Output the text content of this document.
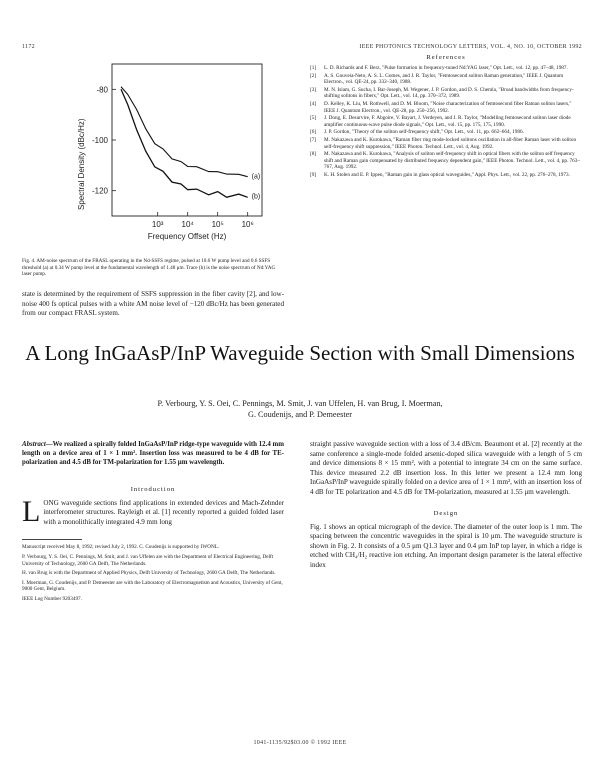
1172	IEEE PHOTONICS TECHNOLOGY LETTERS, VOL. 4, NO. 10, OCTOBER 1992
-80
-100
-120
10³ 10⁴ 10⁵ 10⁶
(a)
(b)
Spectral Density (dBc/Hz)
Frequency Offset (Hz)
Fig. 4. AM-noise spectrum of the FRASL operating in the Nd-SSFS regime, pulsed at 10.6 W pump level and 0.6 SSFS threshold (a) at 0.34 W pump level at the fundamental wavelength of 1.48 μm. Trace (b) is the noise spectrum of Nd:YAG laser pump.
state is determined by the requirement of SSFS suppression in the fiber cavity [2], and low-noise 400 fs optical pulses with a white AM noise level of −120 dBc/Hz has been generated from our compact FRASL system.
References
[1] L. D. Richards and F. Berz, "Pulse formation in frequency-tuned Nd:YAG laser," Opt. Lett., vol. 12, pp. 47–48, 1987.
[2] A. S. Gouveia-Neto, A. S. L. Gomes, and J. R. Taylor, "Femtosecond soliton Raman generation," IEEE J. Quantum Electron., vol. QE-24, pp. 332–340, 1988.
[3] M. N. Islam, G. Sucha, I. Bar-Joseph, M. Wegener, J. P. Gordon, and D. S. Chemla, "Broad bandwidths from frequency-shifting solitons in fibers," Opt. Lett., vol. 14, pp. 370–372, 1989.
[4] D. Kelley, K. Liu, M. Rothwell, and D. M. Bloom, "Noise characterization of femtosecond fiber Raman soliton lasers," IEEE J. Quantum Electron., vol. QE-28, pp. 250–256, 1992.
[5] J. Dong, E. Desurvire, F. Abgoire, V. Bayart, J. Verdeyen, and J. R. Taylor, "Modelling femtosecond soliton laser diode amplifier continuous-wave pulse diode signals," Opt. Lett., vol. 15, pp. 175, 175, 1990.
[6] J. P. Gordon, "Theory of the soliton self-frequency shift," Opt. Lett., vol. 11, pp. 662–664, 1986.
[7] M. Nakazawa and K. Kurokawa, "Raman fiber ring mode-locked solitons oscillation in all-fiber Raman laser with soliton self-frequency shift suppression," IEEE Photon. Technol. Lett., vol. 4, Aug. 1992.
[8] M. Nakazawa and K. Kurokawa, "Analysis of soliton self-frequency shift in optical fibers with the soliton self frequency shift and Raman gain compensated by distributed frequency dependent gain," IEEE Photon. Technol. Lett., vol. 4, pp. 763–767, Aug. 1992.
[9] K. H. Stolen and E. P. Ippen, "Raman gain in glass optical waveguides," Appl. Phys. Lett., vol. 22, pp. 276–278, 1973.
A Long InGaAsP/InP Waveguide Section with Small Dimensions
P. Verbourg, Y. S. Oei, C. Pennings, M. Smit, J. van Uffelen, H. van Brug, I. Moerman,
G. Coudenijs, and P. Demeester
Abstract—We realized a spirally folded InGaAsP/InP ridge-type waveguide with 12.4 mm length on a device area of 1 × 1 mm². Insertion loss was measured to be 4 dB for TE-polarization and 4.5 dB for TM-polarization for 1.55 μm wavelength.
Introduction
LONG waveguide sections find applications in extended devices and Mach-Zehnder interferometer structures. Rayleigh et al. [1] recently reported a guided folded laser with a monolithically integrated 4.9 mm long
Manuscript received May 8, 1992; revised July 2, 1992. C. Coudenijs is supported by IWONL.
P. Verbourg, Y. S. Oei, C. Pennings, M. Smit, and J. van Uffelen are with the Department of Electrical Engineering, Delft University of Technology, 2600 GA Delft, The Netherlands.
H. van Brug is with the Department of Applied Physics, Delft University of Technology, 2600 GA Delft, The Netherlands.
I. Moerman, G. Coudenijs, and P. Demeester are with the Laboratory of Electromagnetism and Acoustics, University of Gent, 9000 Gent, Belgium.
IEEE Log Number 9203497.
straight passive waveguide section with a loss of 3.4 dB/cm. Beaumont et al. [2] recently at the same conference a single-mode folded arsenic-doped silica waveguide with a length of 5 cm and device dimensions 8 × 15 mm², with a potential to integrate 34 cm on the same surface. This device measured 2.2 dB insertion loss. In this letter we present a 12.4 mm long InGaAsP/InP waveguide spirally folded on a device area of 1 × 1 mm², with an insertion loss of 4 dB for TE polarization and 4.5 dB for TM-polarization, measured at 1.55 μm wavelength.
Design
Fig. 1 shows an optical micrograph of the device. The diameter of the outer loop is 1 mm. The spacing between the concentric waveguides in the spiral is 10 μm. The waveguide structure is shown in Fig. 2. It consists of a 0.5 μm Q1.3 layer and 0.4 μm InP top layer, in which a ridge is etched with CH₄/H₂ reactive ion etching. An important design parameter is the lateral effective index
1041-1135/92$03.00 © 1992 IEEE
